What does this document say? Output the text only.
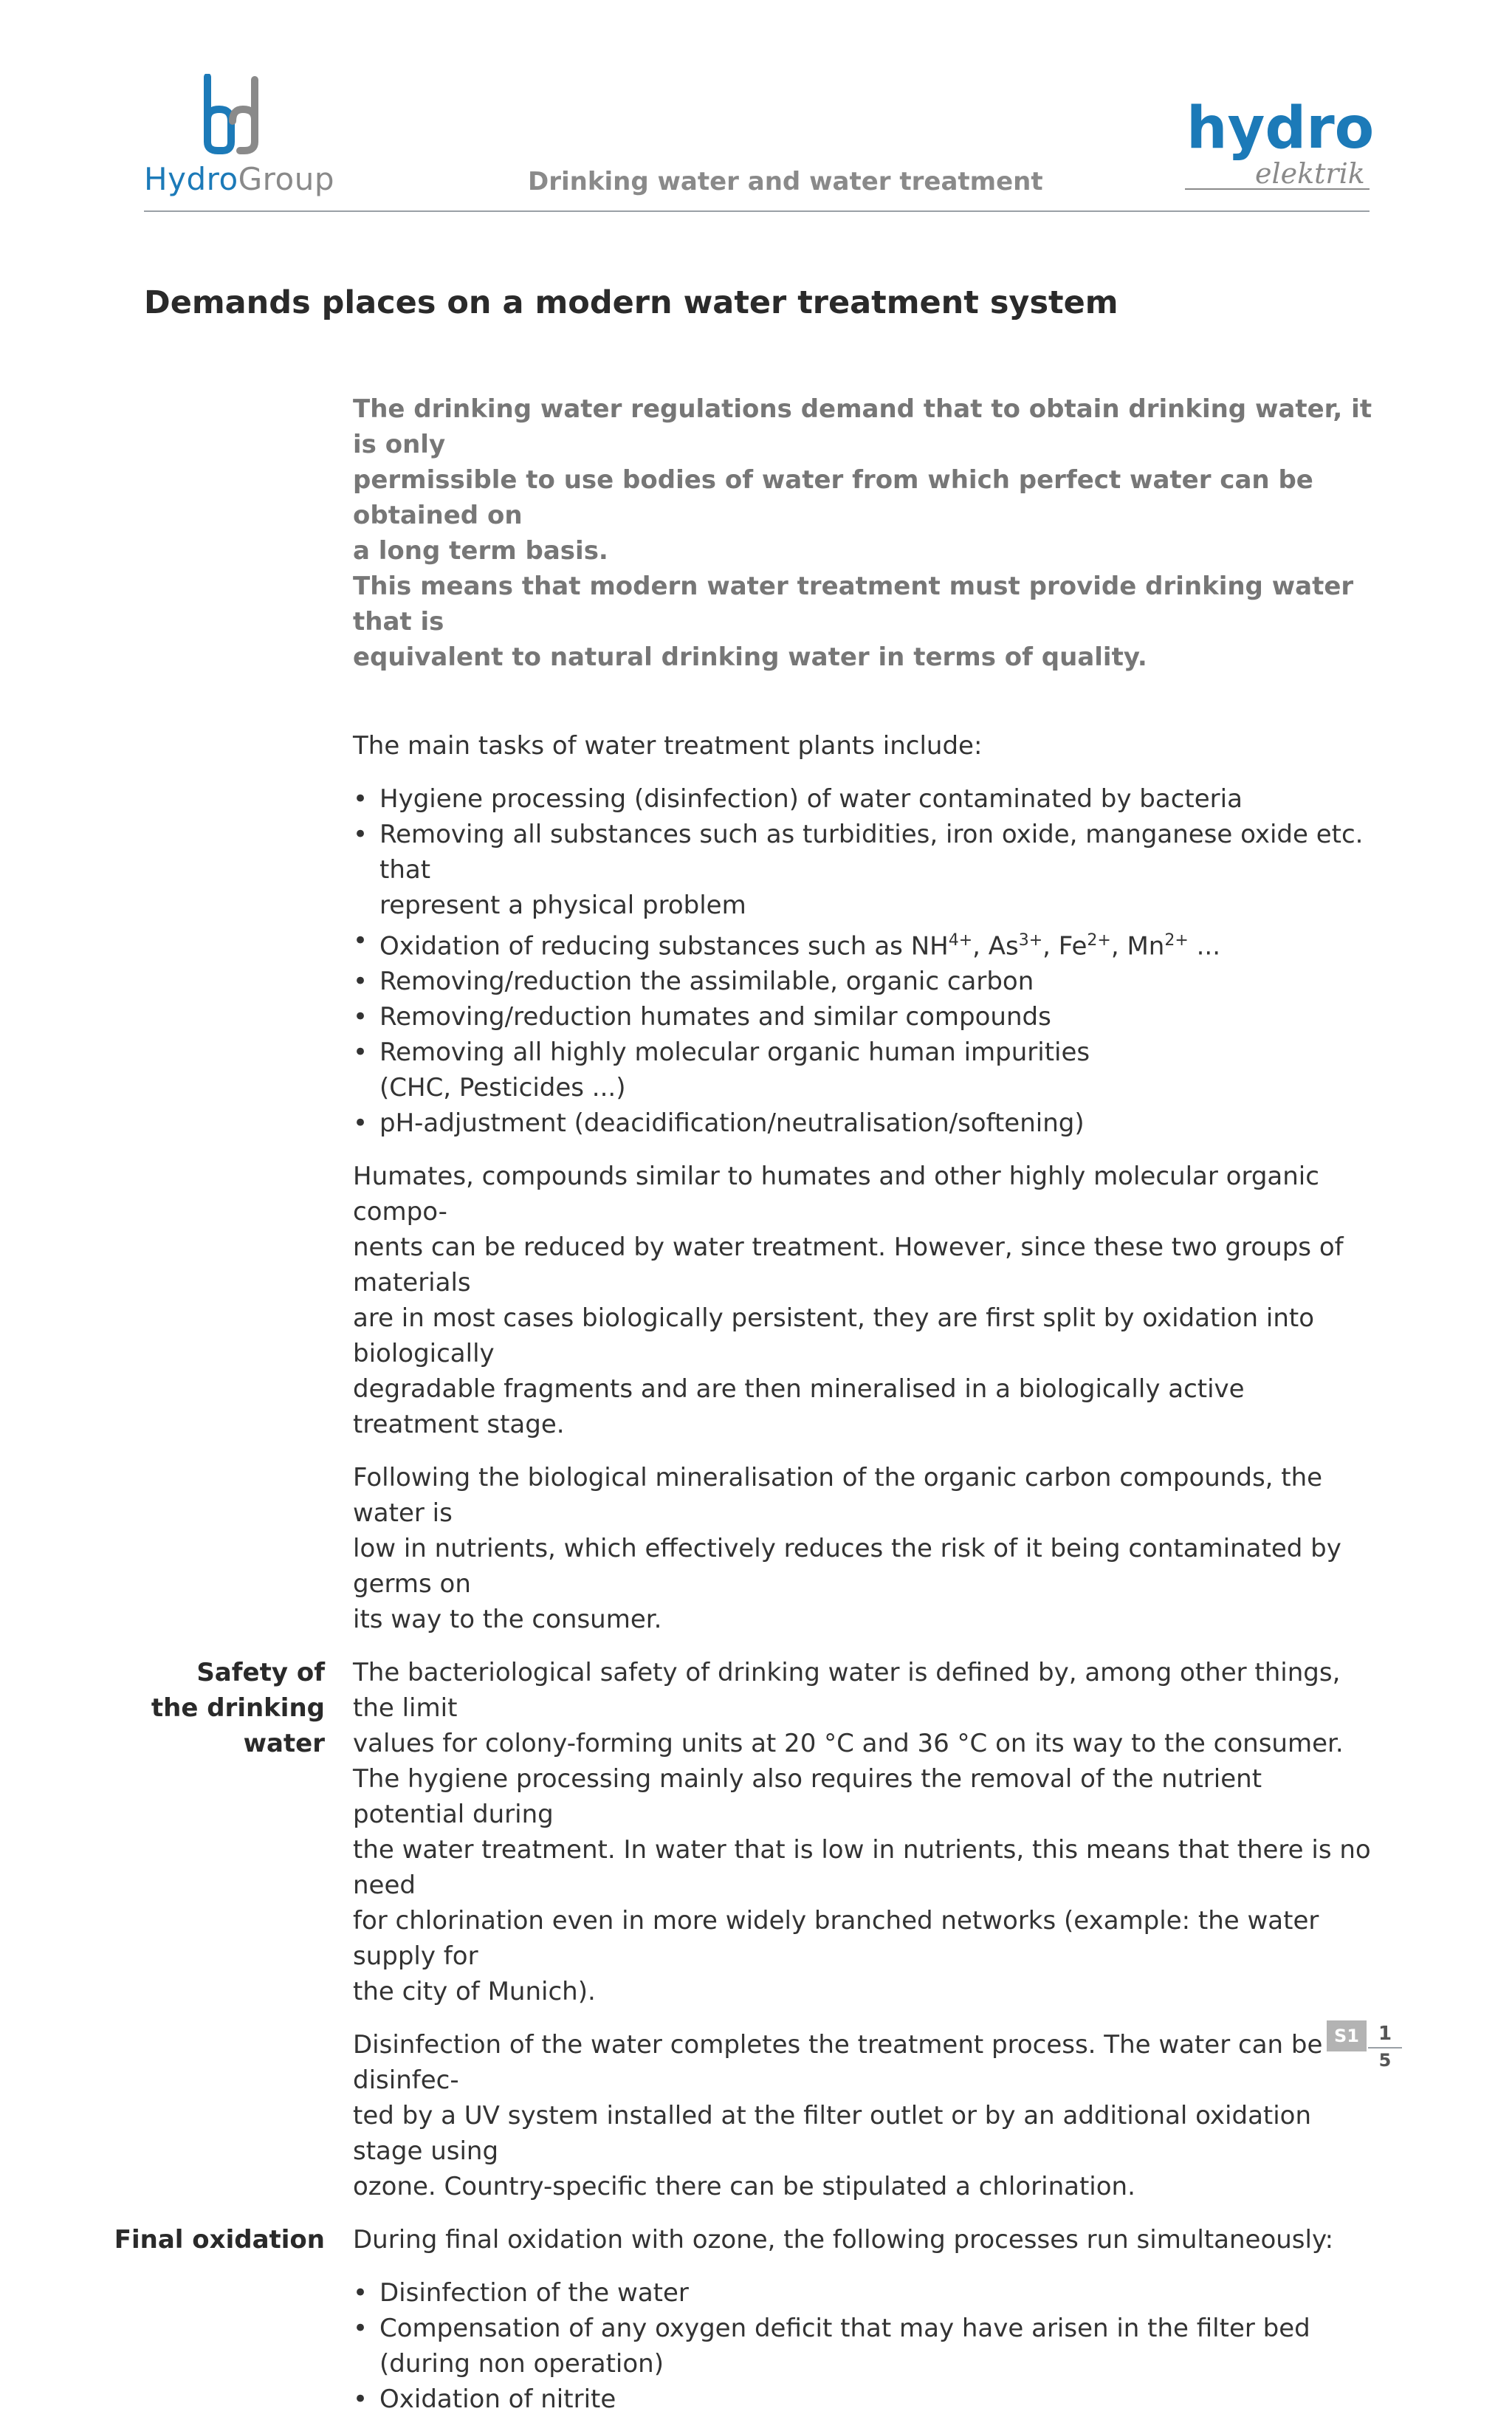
HydroGroup	Drinking water and water treatment
hydro
elektrik
Demands places on a modern water treatment system
The drinking water regulations demand that to obtain drinking water, it is only
permissible to use bodies of water from which perfect water can be obtained on
a long term basis.
This means that modern water treatment must provide drinking water that is
equivalent to natural drinking water in terms of quality.
The main tasks of water treatment plants include:
• Hygiene processing (disinfection) of water contaminated by bacteria
• Removing all substances such as turbidities, iron oxide, manganese oxide etc. that
represent a physical problem
• Oxidation of reducing substances such as $NH^{4+}$, $As^{3+}$, $Fe^{2+}$, $Mn^{2+}$ ...
• Removing/reduction the assimilable, organic carbon
• Removing/reduction humates and similar compounds
• Removing all highly molecular organic human impurities
(CHC, Pesticides ...)
• pH-adjustment (deacidification/neutralisation/softening)
Humates, compounds similar to humates and other highly molecular organic compo-
nents can be reduced by water treatment. However, since these two groups of materials
are in most cases biologically persistent, they are first split by oxidation into biologically
degradable fragments and are then mineralised in a biologically active treatment stage.
Following the biological mineralisation of the organic carbon compounds, the water is
low in nutrients, which effectively reduces the risk of it being contaminated by germs on
its way to the consumer.
Safety of
the drinking
water
The bacteriological safety of drinking water is defined by, among other things, the limit
values for colony-forming units at 20 °C and 36 °C on its way to the consumer.
The hygiene processing mainly also requires the removal of the nutrient potential during
the water treatment. In water that is low in nutrients, this means that there is no need
for chlorination even in more widely branched networks (example: the water supply for
the city of Munich).
Disinfection of the water completes the treatment process. The water can be disinfec-
ted by a UV system installed at the filter outlet or by an additional oxidation stage using
ozone. Country-specific there can be stipulated a chlorination.
Final oxidation During final oxidation with ozone, the following processes run simultaneously:
• Disinfection of the water
• Compensation of any oxygen deficit that may have arisen in the filter bed
(during non operation)
• Oxidation of nitrite
S1 1
5
